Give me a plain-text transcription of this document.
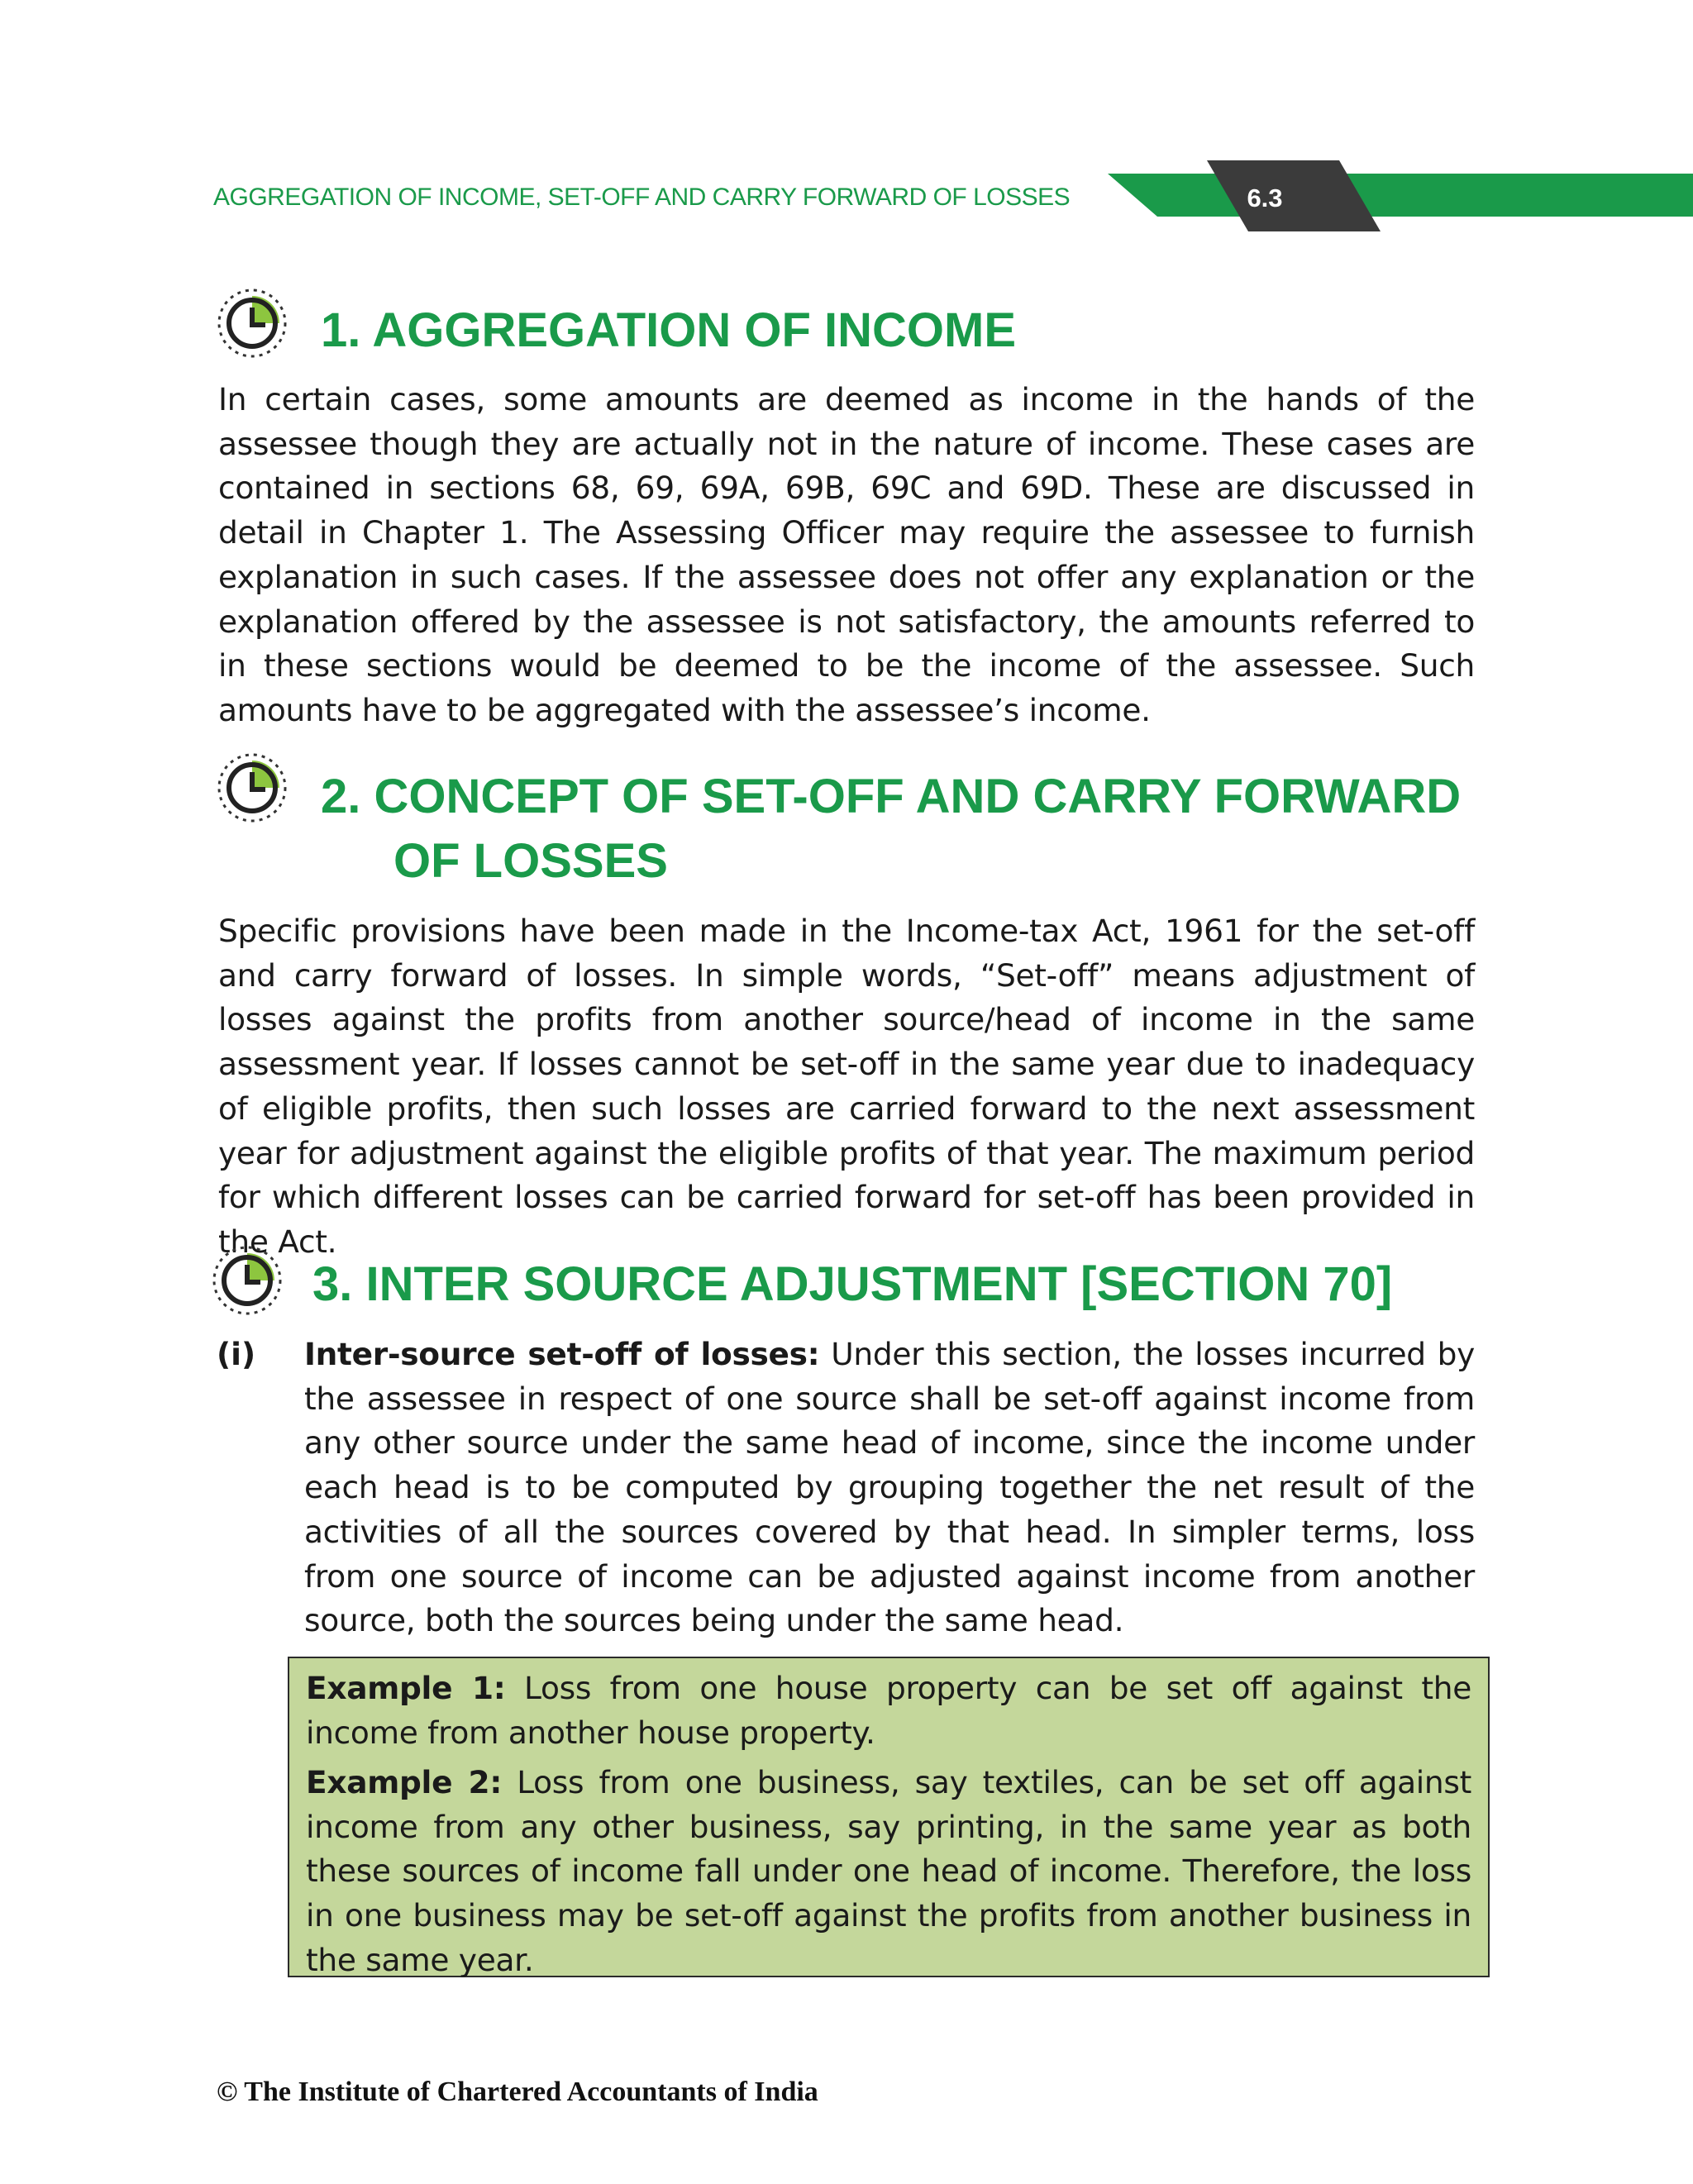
AGGREGATION OF INCOME, SET-OFF AND CARRY FORWARD OF LOSSES	6.3
1. AGGREGATION OF INCOME

In certain cases, some amounts are deemed as income in the hands of the assessee though they are actually not in the nature of income. These cases are contained in sections 68, 69, 69A, 69B, 69C and 69D. These are discussed in detail in Chapter 1. The Assessing Officer may require the assessee to furnish explanation in such cases. If the assessee does not offer any explanation or the explanation offered by the assessee is not satisfactory, the amounts referred to in these sections would be deemed to be the income of the assessee. Such amounts have to be aggregated with the assessee’s income.

2. CONCEPT OF SET-OFF AND CARRY FORWARD
OF LOSSES

Specific provisions have been made in the Income-tax Act, 1961 for the set-off and carry forward of losses. In simple words, “Set-off” means adjustment of losses against the profits from another source/head of income in the same assessment year. If losses cannot be set-off in the same year due to inadequacy of eligible profits, then such losses are carried forward to the next assessment year for adjustment against the eligible profits of that year. The maximum period for which different losses can be carried forward for set-off has been provided in the Act.

3. INTER SOURCE ADJUSTMENT [SECTION 70]
(i) Inter-source set-off of losses: Under this section, the losses incurred by the assessee in respect of one source shall be set-off against income from any other source under the same head of income, since the income under each head is to be computed by grouping together the net result of the activities of all the sources covered by that head. In simpler terms, loss from one source of income can be adjusted against income from another source, both the sources being under the same head.

Example 1: Loss from one house property can be set off against the income from another house property.

Example 2: Loss from one business, say textiles, can be set off against income from any other business, say printing, in the same year as both these sources of income fall under one head of income. Therefore, the loss in one business may be set-off against the profits from another business in the same year.

© The Institute of Chartered Accountants of India
